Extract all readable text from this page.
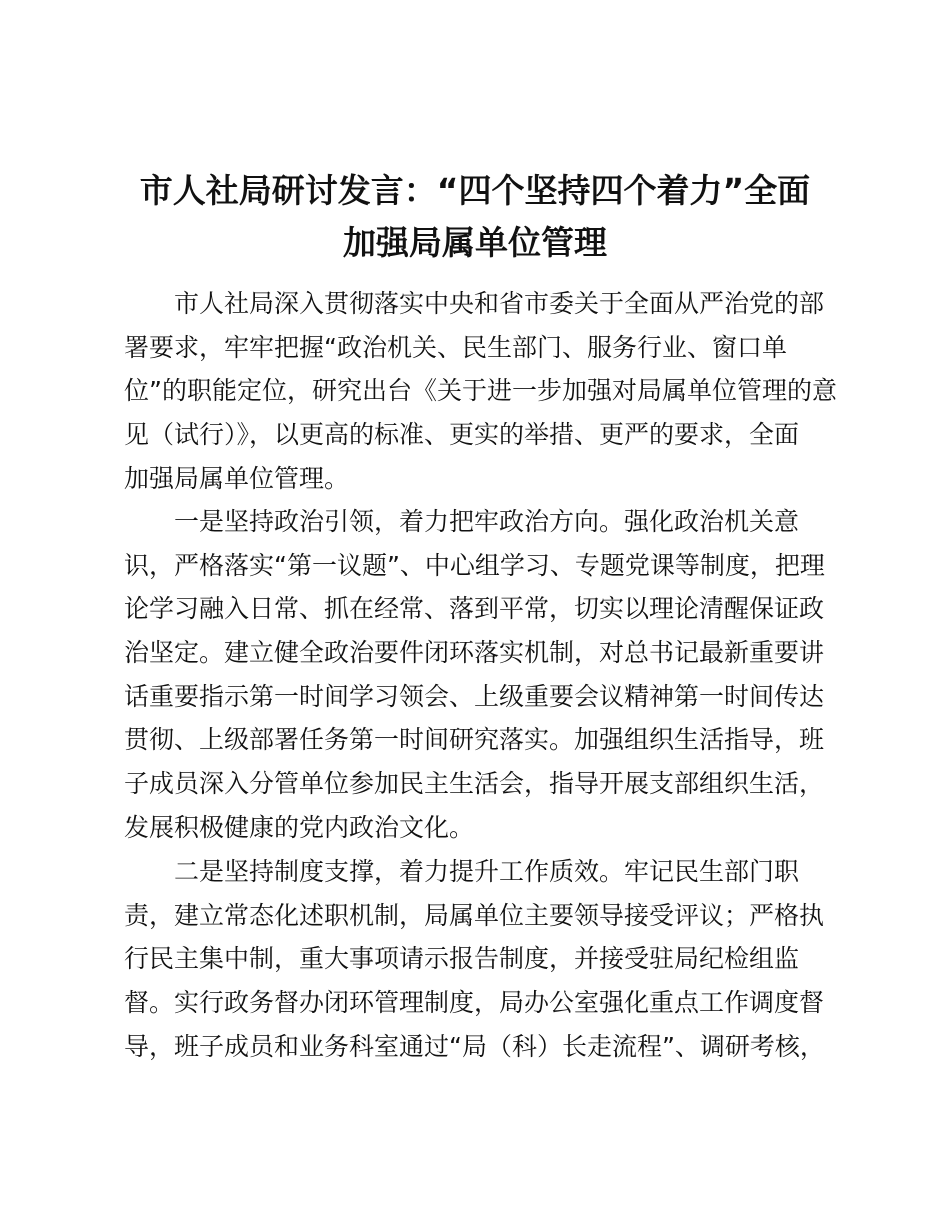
市人社局研讨发言：“四个坚持四个着力”全面
加强局属单位管理
市人社局深入贯彻落实中央和省市委关于全面从严治党的部
署要求，牢牢把握“政治机关、民生部门、服务行业、窗口单
位”的职能定位，研究出台《关于进一步加强对局属单位管理的意
见（试行）》，以更高的标准、更实的举措、更严的要求，全面
加强局属单位管理。
一是坚持政治引领，着力把牢政治方向。强化政治机关意
识，严格落实“第一议题”、中心组学习、专题党课等制度，把理
论学习融入日常、抓在经常、落到平常，切实以理论清醒保证政
治坚定。建立健全政治要件闭环落实机制，对总书记最新重要讲
话重要指示第一时间学习领会、上级重要会议精神第一时间传达
贯彻、上级部署任务第一时间研究落实。加强组织生活指导，班
子成员深入分管单位参加民主生活会，指导开展支部组织生活，
发展积极健康的党内政治文化。
二是坚持制度支撑，着力提升工作质效。牢记民生部门职
责，建立常态化述职机制，局属单位主要领导接受评议；严格执
行民主集中制，重大事项请示报告制度，并接受驻局纪检组监
督。实行政务督办闭环管理制度，局办公室强化重点工作调度督
导，班子成员和业务科室通过“局（科）长走流程”、调研考核，
